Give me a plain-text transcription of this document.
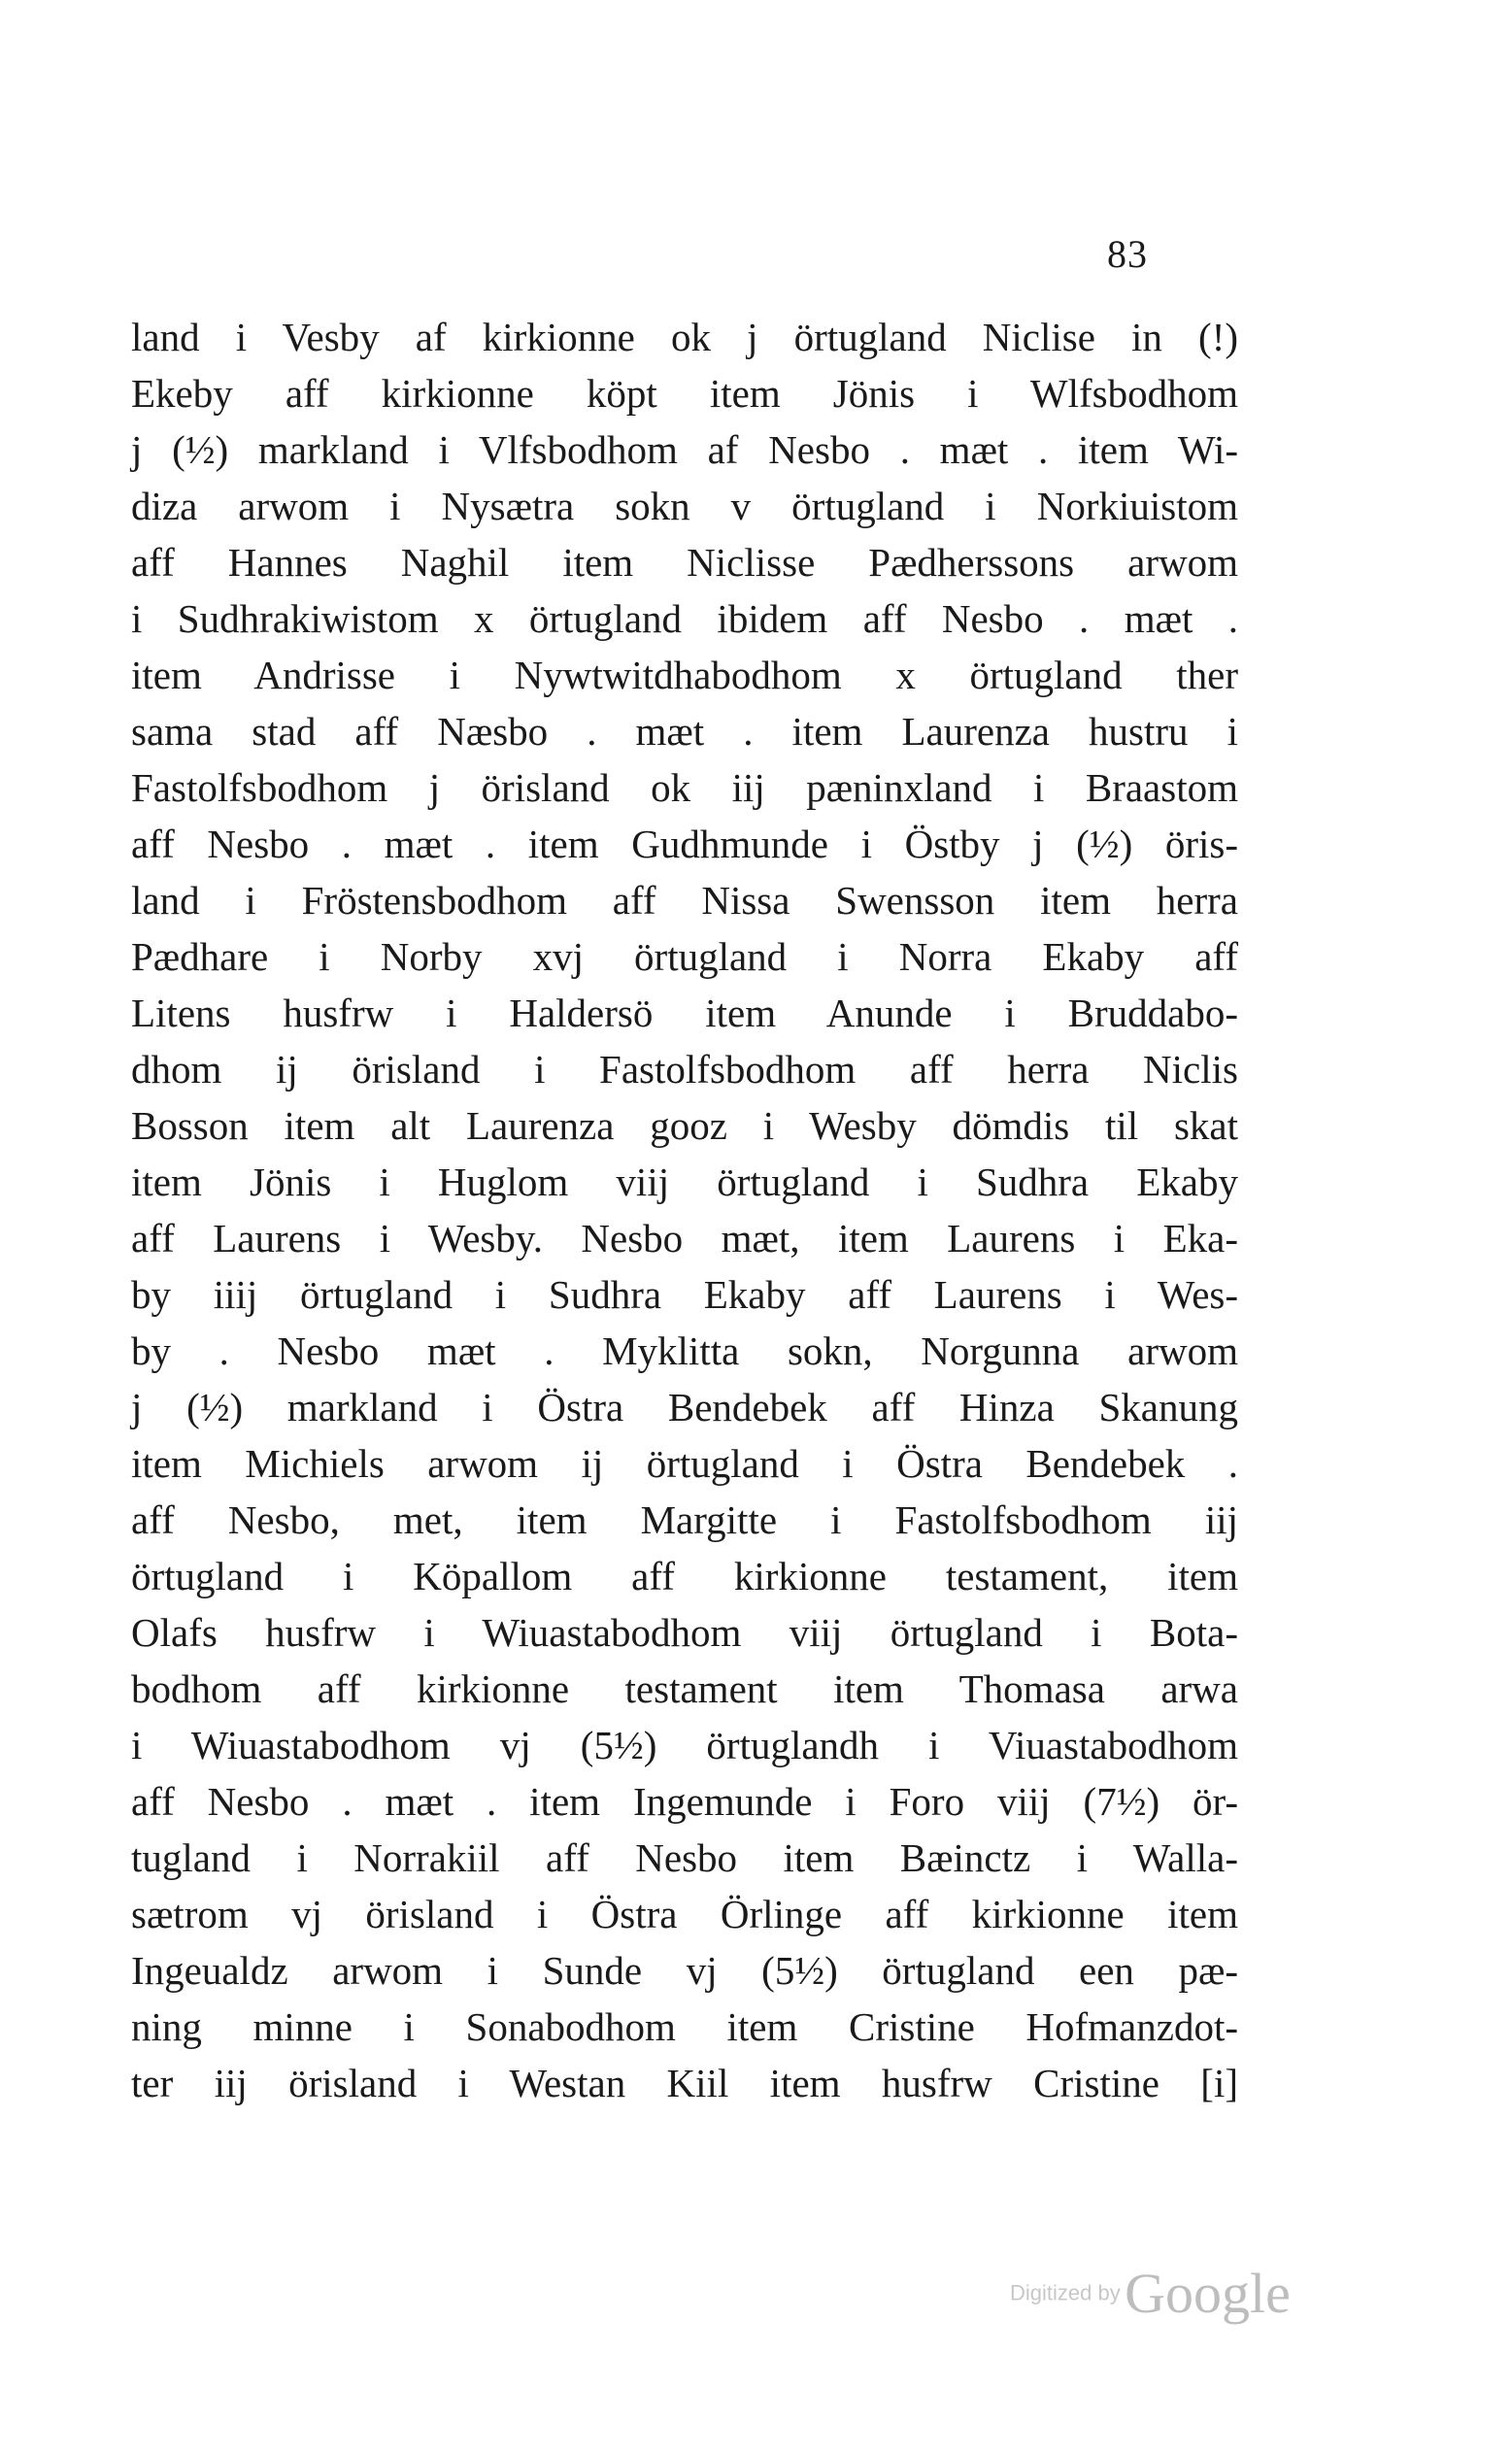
83
land i Vesby af kirkionne ok j örtugland Niclise in (!)
Ekeby aff kirkionne köpt item Jönis i Wlfsbodhom
j (½) markland i Vlfsbodhom af Nesbo . mæt . item Wi-
diza arwom i Nysætra sokn v örtugland i Norkiuistom
aff Hannes Naghil item Niclisse Pædherssons arwom
i Sudhrakiwistom x örtugland ibidem aff Nesbo . mæt .
item Andrisse i Nywtwitdhabodhom x örtugland ther
sama stad aff Næsbo . mæt . item Laurenza hustru i
Fastolfsbodhom j örisland ok iij pæninxland i Braastom
aff Nesbo . mæt . item Gudhmunde i Östby j (½) öris-
land i Fröstensbodhom aff Nissa Swensson item herra
Pædhare i Norby xvj örtugland i Norra Ekaby aff
Litens husfrw i Haldersö item Anunde i Bruddabo-
dhom ij örisland i Fastolfsbodhom aff herra Niclis
Bosson item alt Laurenza gooz i Wesby dömdis til skat
item Jönis i Huglom viij örtugland i Sudhra Ekaby
aff Laurens i Wesby. Nesbo mæt, item Laurens i Eka-
by iiij örtugland i Sudhra Ekaby aff Laurens i Wes-
by . Nesbo mæt . Myklitta sokn, Norgunna arwom
j (½) markland i Östra Bendebek aff Hinza Skanung
item Michiels arwom ij örtugland i Östra Bendebek .
aff Nesbo, met, item Margitte i Fastolfsbodhom iij
örtugland i Köpallom aff kirkionne testament, item
Olafs husfrw i Wiuastabodhom viij örtugland i Bota-
bodhom aff kirkionne testament item Thomasa arwa
i Wiuastabodhom vj (5½) örtuglandh i Viuastabodhom
aff Nesbo . mæt . item Ingemunde i Foro viij (7½) ör-
tugland i Norrakiil aff Nesbo item Bæinctz i Walla-
sætrom vj örisland i Östra Örlinge aff kirkionne item
Ingeualdz arwom i Sunde vj (5½) örtugland een pæ-
ning minne i Sonabodhom item Cristine Hofmanzdot-
ter iij örisland i Westan Kiil item husfrw Cristine [i]
Digitized by Google
